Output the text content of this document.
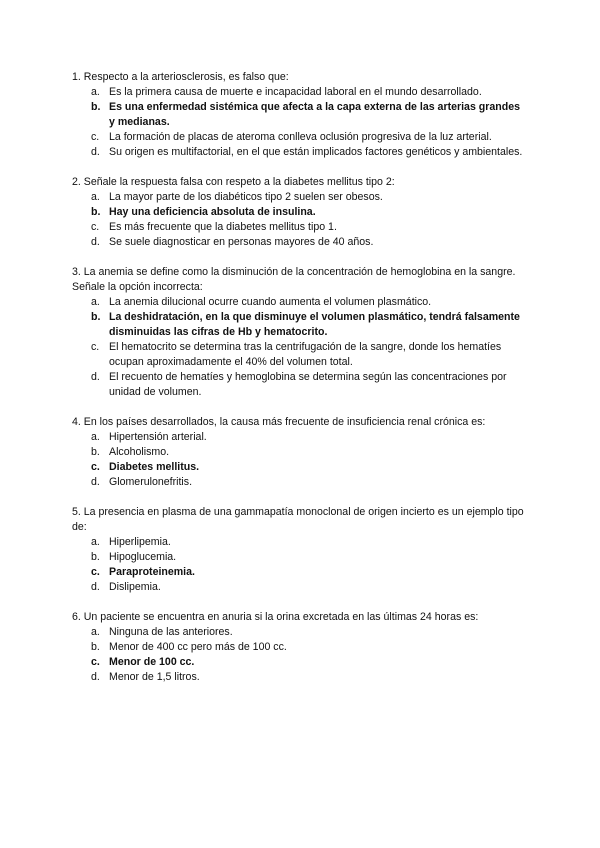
1. Respecto a la arteriosclerosis, es falso que:

a. Es la primera causa de muerte e incapacidad laboral en el mundo desarrollado.
b. Es una enfermedad sistémica que afecta a la capa externa de las arterias grandes y medianas.
c. La formación de placas de ateroma conlleva oclusión progresiva de la luz arterial.
d. Su origen es multifactorial, en el que están implicados factores genéticos y ambientales.

2. Señale la respuesta falsa con respeto a la diabetes mellitus tipo 2:

a. La mayor parte de los diabéticos tipo 2 suelen ser obesos.
b. Hay una deficiencia absoluta de insulina.
c. Es más frecuente que la diabetes mellitus tipo 1.
d. Se suele diagnosticar en personas mayores de 40 años.

3. La anemia se define como la disminución de la concentración de hemoglobina en la sangre. Señale la opción incorrecta:

a. La anemia dilucional ocurre cuando aumenta el volumen plasmático.
b. La deshidratación, en la que disminuye el volumen plasmático, tendrá falsamente disminuidas las cifras de Hb y hematocrito.
c. El hematocrito se determina tras la centrifugación de la sangre, donde los hematíes ocupan aproximadamente el 40% del volumen total.
d. El recuento de hematíes y hemoglobina se determina según las concentraciones por unidad de volumen.

4. En los países desarrollados, la causa más frecuente de insuficiencia renal crónica es:

a. Hipertensión arterial.
b. Alcoholismo.
c. Diabetes mellitus.
d. Glomerulonefritis.

5. La presencia en plasma de una gammapatía monoclonal de origen incierto es un ejemplo tipo de:

a. Hiperlipemia.
b. Hipoglucemia.
c. Paraproteinemia.
d. Dislipemia.

6. Un paciente se encuentra en anuria si la orina excretada en las últimas 24 horas es:

a. Ninguna de las anteriores.
b. Menor de 400 cc pero más de 100 cc.
c. Menor de 100 cc.
d. Menor de 1,5 litros.
